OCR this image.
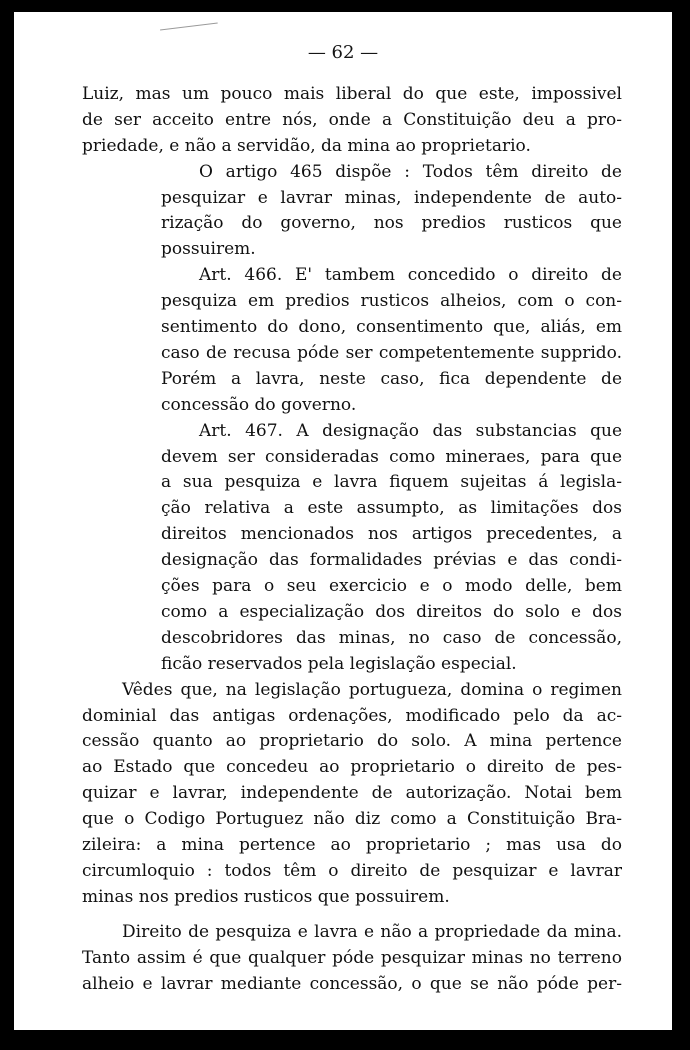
— 62 —
Luiz, mas um pouco mais liberal do que este, impossivel
de ser acceito entre nós, onde a Constituição deu a pro-
priedade, e não a servidão, da mina ao proprietario.
O artigo 465 dispõe : Todos têm direito de
pesquizar e lavrar minas, independente de auto-
rização do governo, nos predios rusticos que
possuirem.
Art. 466. E' tambem concedido o direito de
pesquiza em predios rusticos alheios, com o con-
sentimento do dono, consentimento que, aliás, em
caso de recusa póde ser competentemente supprido.
Porém a lavra, neste caso, fica dependente de
concessão do governo.
Art. 467. A designação das substancias que
devem ser consideradas como mineraes, para que
a sua pesquiza e lavra fiquem sujeitas á legisla-
ção relativa a este assumpto, as limitações dos
direitos mencionados nos artigos precedentes, a
designação das formalidades prévias e das condi-
ções para o seu exercicio e o modo delle, bem
como a especialização dos direitos do solo e dos
descobridores das minas, no caso de concessão,
ficão reservados pela legislação especial.
Vêdes que, na legislação portugueza, domina o regimen
dominial das antigas ordenações, modificado pelo da ac-
cessão quanto ao proprietario do solo. A mina pertence
ao Estado que concedeu ao proprietario o direito de pes-
quizar e lavrar, independente de autorização. Notai bem
que o Codigo Portuguez não diz como a Constituição Bra-
zileira: a mina pertence ao proprietario ; mas usa do
circumloquio : todos têm o direito de pesquizar e lavrar
minas nos predios rusticos que possuirem.
Direito de pesquiza e lavra e não a propriedade da mina.
Tanto assim é que qualquer póde pesquizar minas no terreno
alheio e lavrar mediante concessão, o que se não póde per-
